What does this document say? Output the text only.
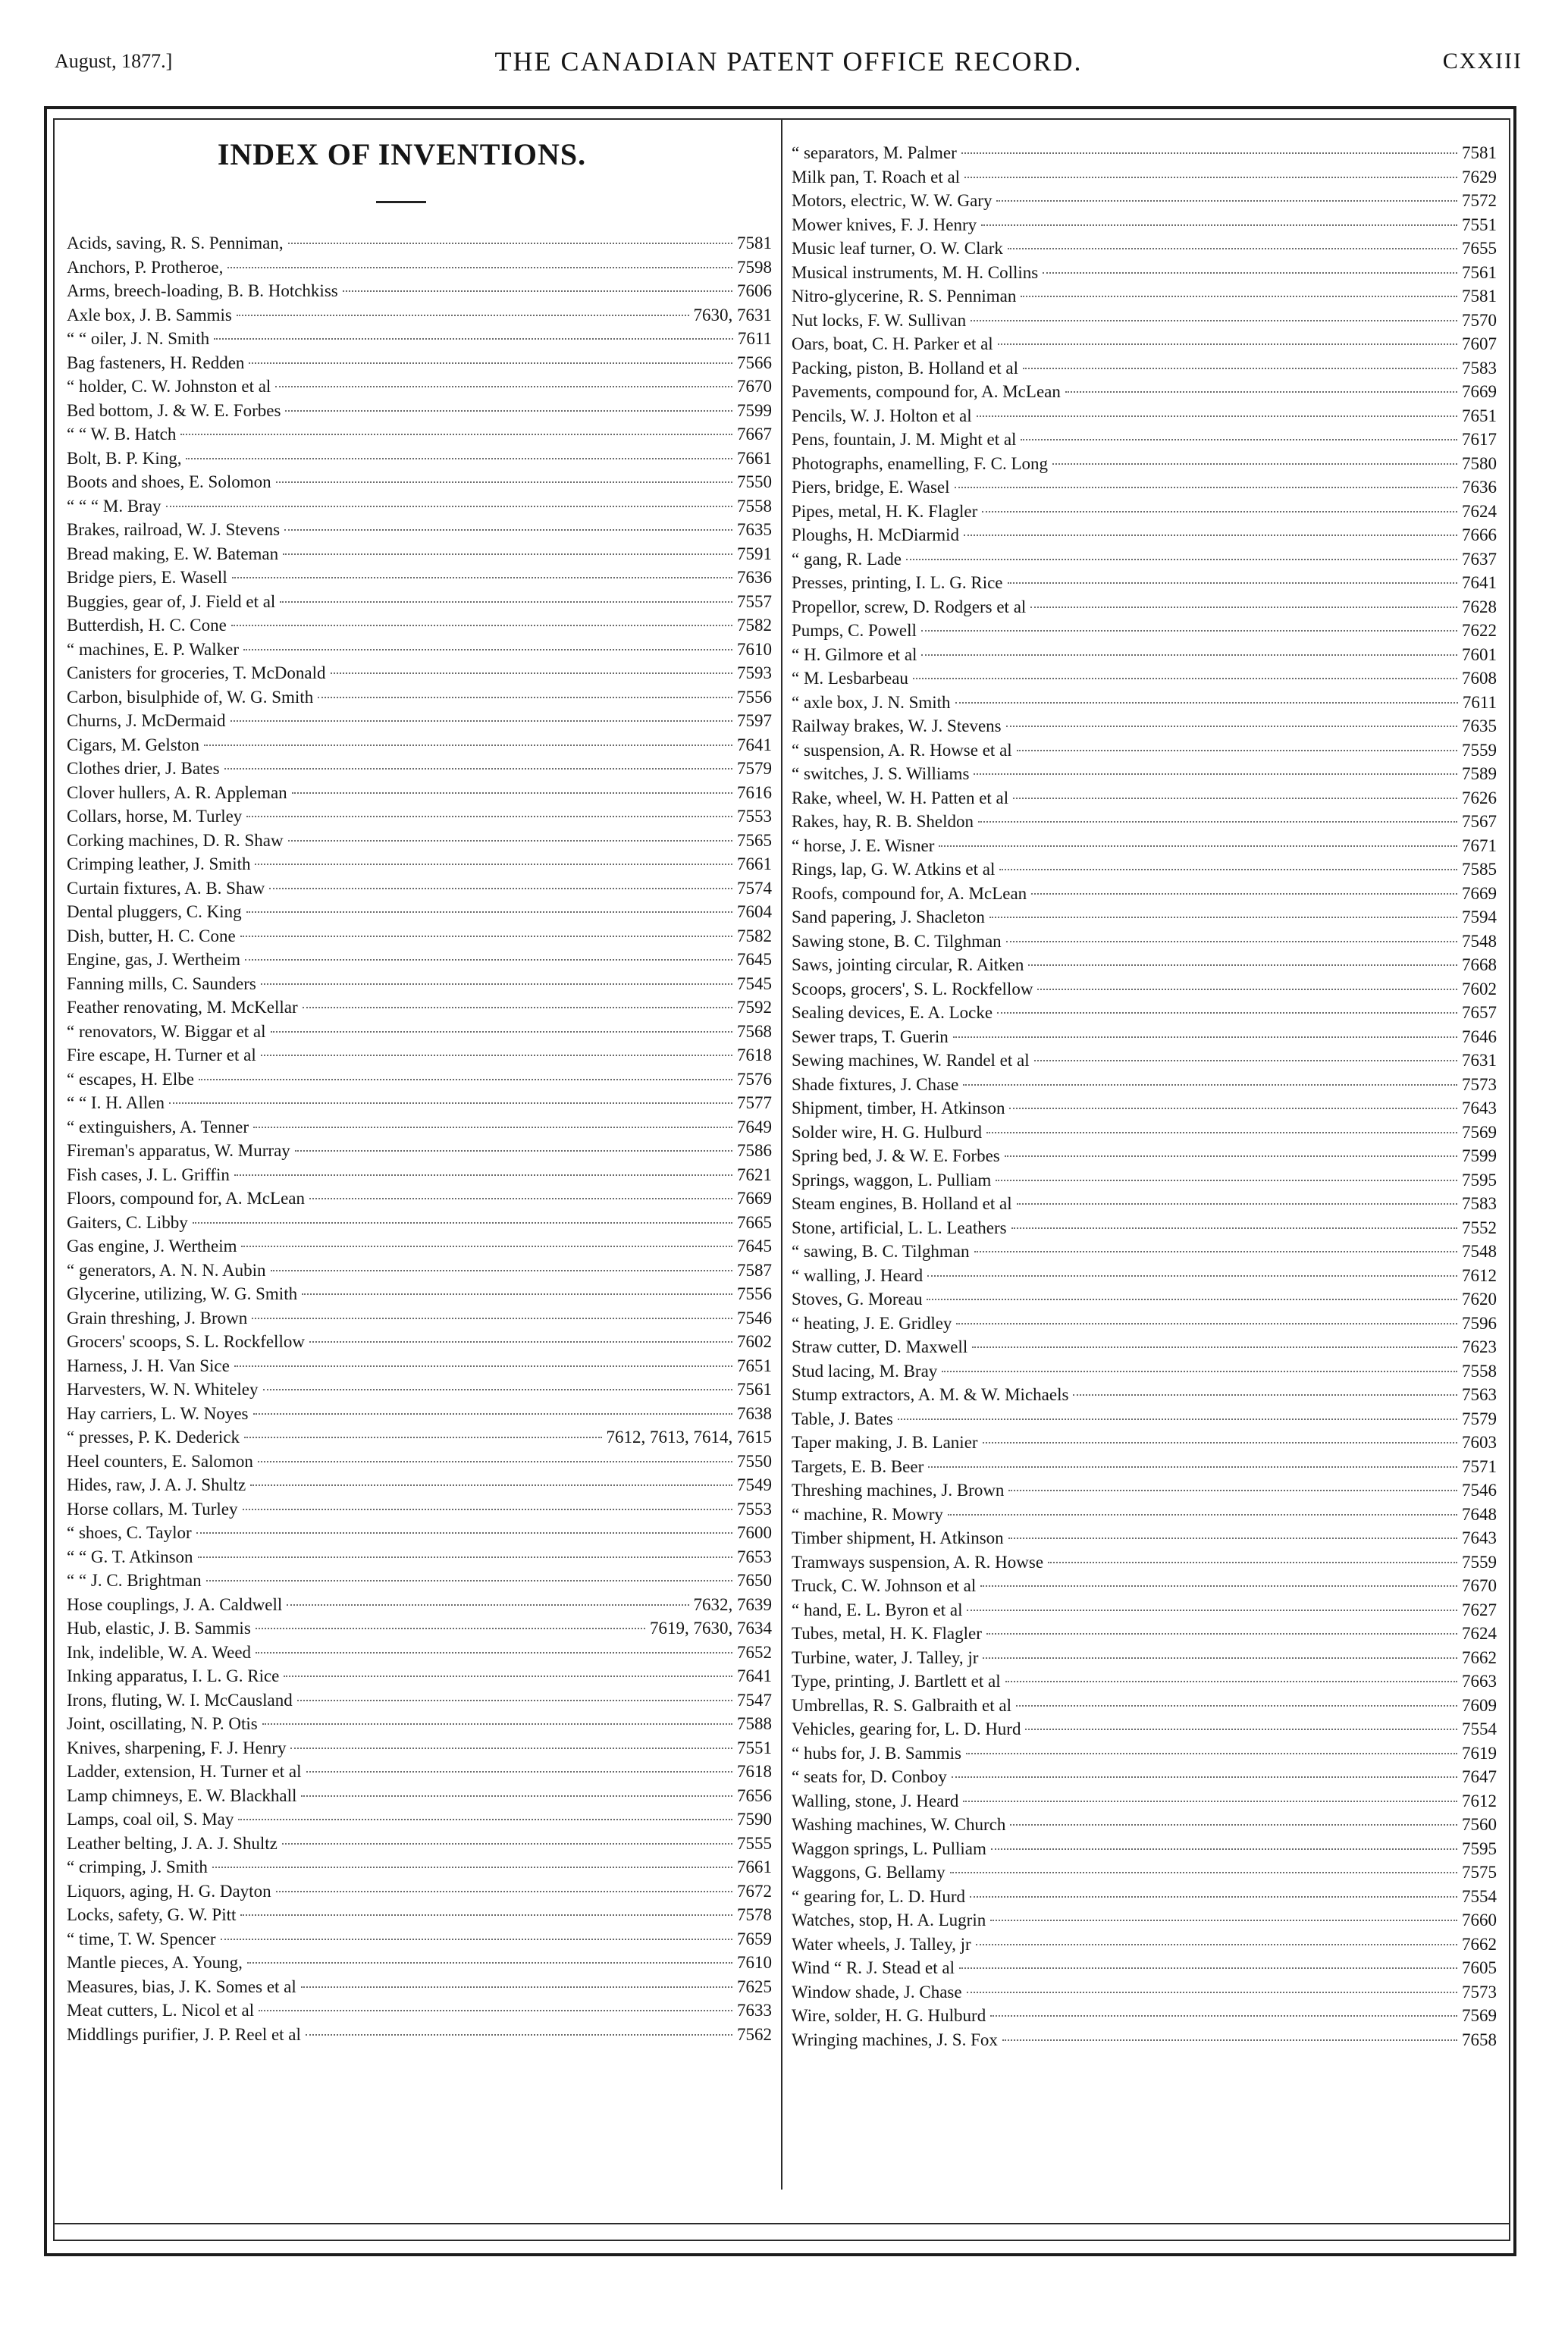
THE CANADIAN PATENT OFFICE RECORD.
August, 1877.]	CXXIII
INDEX OF INVENTIONS.
Acids, saving, R. S. Penniman,	7581
Anchors, P. Protheroe,	7598
Arms, breech-loading, B. B. Hotchkiss	7606
Axle box, J. B. Sammis	7630, 7631
“ “ oiler, J. N. Smith	7611
Bag fasteners, H. Redden	7566
“ holder, C. W. Johnston et al	7670
Bed bottom, J. & W. E. Forbes	7599
“ “ W. B. Hatch	7667
Bolt, B. P. King,	7661
Boots and shoes, E. Solomon	7550
“ “ “ M. Bray	7558
Brakes, railroad, W. J. Stevens	7635
Bread making, E. W. Bateman	7591
Bridge piers, E. Wasell	7636
Buggies, gear of, J. Field et al	7557
Butterdish, H. C. Cone	7582
“ machines, E. P. Walker	7610
Canisters for groceries, T. McDonald	7593
Carbon, bisulphide of, W. G. Smith	7556
Churns, J. McDermaid	7597
Cigars, M. Gelston	7641
Clothes drier, J. Bates	7579
Clover hullers, A. R. Appleman	7616
Collars, horse, M. Turley	7553
Corking machines, D. R. Shaw	7565
Crimping leather, J. Smith	7661
Curtain fixtures, A. B. Shaw	7574
Dental pluggers, C. King	7604
Dish, butter, H. C. Cone	7582
Engine, gas, J. Wertheim	7645
Fanning mills, C. Saunders	7545
Feather renovating, M. McKellar	7592
“ renovators, W. Biggar et al	7568
Fire escape, H. Turner et al	7618
“ escapes, H. Elbe	7576
“ “ I. H. Allen	7577
“ extinguishers, A. Tenner	7649
Fireman's apparatus, W. Murray	7586
Fish cases, J. L. Griffin	7621
Floors, compound for, A. McLean	7669
Gaiters, C. Libby	7665
Gas engine, J. Wertheim	7645
“ generators, A. N. N. Aubin	7587
Glycerine, utilizing, W. G. Smith	7556
Grain threshing, J. Brown	7546
Grocers' scoops, S. L. Rockfellow	7602
Harness, J. H. Van Sice	7651
Harvesters, W. N. Whiteley	7561
Hay carriers, L. W. Noyes	7638
“ presses, P. K. Dederick	7612, 7613, 7614, 7615
Heel counters, E. Salomon	7550
Hides, raw, J. A. J. Shultz	7549
Horse collars, M. Turley	7553
“ shoes, C. Taylor	7600
“ “ G. T. Atkinson	7653
“ “ J. C. Brightman	7650
Hose couplings, J. A. Caldwell	7632, 7639
Hub, elastic, J. B. Sammis	7619, 7630, 7634
Ink, indelible, W. A. Weed	7652
Inking apparatus, I. L. G. Rice	7641
Irons, fluting, W. I. McCausland	7547
Joint, oscillating, N. P. Otis	7588
Knives, sharpening, F. J. Henry	7551
Ladder, extension, H. Turner et al	7618
Lamp chimneys, E. W. Blackhall	7656
Lamps, coal oil, S. May	7590
Leather belting, J. A. J. Shultz	7555
“ crimping, J. Smith	7661
Liquors, aging, H. G. Dayton	7672
Locks, safety, G. W. Pitt	7578
“ time, T. W. Spencer	7659
Mantle pieces, A. Young,	7610
Measures, bias, J. K. Somes et al	7625
Meat cutters, L. Nicol et al	7633
Middlings purifier, J. P. Reel et al	7562
“ separators, M. Palmer	7581
Milk pan, T. Roach et al	7629
Motors, electric, W. W. Gary	7572
Mower knives, F. J. Henry	7551
Music leaf turner, O. W. Clark	7655
Musical instruments, M. H. Collins	7561
Nitro-glycerine, R. S. Penniman	7581
Nut locks, F. W. Sullivan	7570
Oars, boat, C. H. Parker et al	7607
Packing, piston, B. Holland et al	7583
Pavements, compound for, A. McLean	7669
Pencils, W. J. Holton et al	7651
Pens, fountain, J. M. Might et al	7617
Photographs, enamelling, F. C. Long	7580
Piers, bridge, E. Wasel	7636
Pipes, metal, H. K. Flagler	7624
Ploughs, H. McDiarmid	7666
“ gang, R. Lade	7637
Presses, printing, I. L. G. Rice	7641
Propellor, screw, D. Rodgers et al	7628
Pumps, C. Powell	7622
“ H. Gilmore et al	7601
“ M. Lesbarbeau	7608
“ axle box, J. N. Smith	7611
Railway brakes, W. J. Stevens	7635
“ suspension, A. R. Howse et al	7559
“ switches, J. S. Williams	7589
Rake, wheel, W. H. Patten et al	7626
Rakes, hay, R. B. Sheldon	7567
“ horse, J. E. Wisner	7671
Rings, lap, G. W. Atkins et al	7585
Roofs, compound for, A. McLean	7669
Sand papering, J. Shacleton	7594
Sawing stone, B. C. Tilghman	7548
Saws, jointing circular, R. Aitken	7668
Scoops, grocers', S. L. Rockfellow	7602
Sealing devices, E. A. Locke	7657
Sewer traps, T. Guerin	7646
Sewing machines, W. Randel et al	7631
Shade fixtures, J. Chase	7573
Shipment, timber, H. Atkinson	7643
Solder wire, H. G. Hulburd	7569
Spring bed, J. & W. E. Forbes	7599
Springs, waggon, L. Pulliam	7595
Steam engines, B. Holland et al	7583
Stone, artificial, L. L. Leathers	7552
“ sawing, B. C. Tilghman	7548
“ walling, J. Heard	7612
Stoves, G. Moreau	7620
“ heating, J. E. Gridley	7596
Straw cutter, D. Maxwell	7623
Stud lacing, M. Bray	7558
Stump extractors, A. M. & W. Michaels	7563
Table, J. Bates	7579
Taper making, J. B. Lanier	7603
Targets, E. B. Beer	7571
Threshing machines, J. Brown	7546
“ machine, R. Mowry	7648
Timber shipment, H. Atkinson	7643
Tramways suspension, A. R. Howse	7559
Truck, C. W. Johnson et al	7670
“ hand, E. L. Byron et al	7627
Tubes, metal, H. K. Flagler	7624
Turbine, water, J. Talley, jr	7662
Type, printing, J. Bartlett et al	7663
Umbrellas, R. S. Galbraith et al	7609
Vehicles, gearing for, L. D. Hurd	7554
“ hubs for, J. B. Sammis	7619
“ seats for, D. Conboy	7647
Walling, stone, J. Heard	7612
Washing machines, W. Church	7560
Waggon springs, L. Pulliam	7595
Waggons, G. Bellamy	7575
“ gearing for, L. D. Hurd	7554
Watches, stop, H. A. Lugrin	7660
Water wheels, J. Talley, jr	7662
Wind “ R. J. Stead et al	7605
Window shade, J. Chase	7573
Wire, solder, H. G. Hulburd	7569
Wringing machines, J. S. Fox	7658
